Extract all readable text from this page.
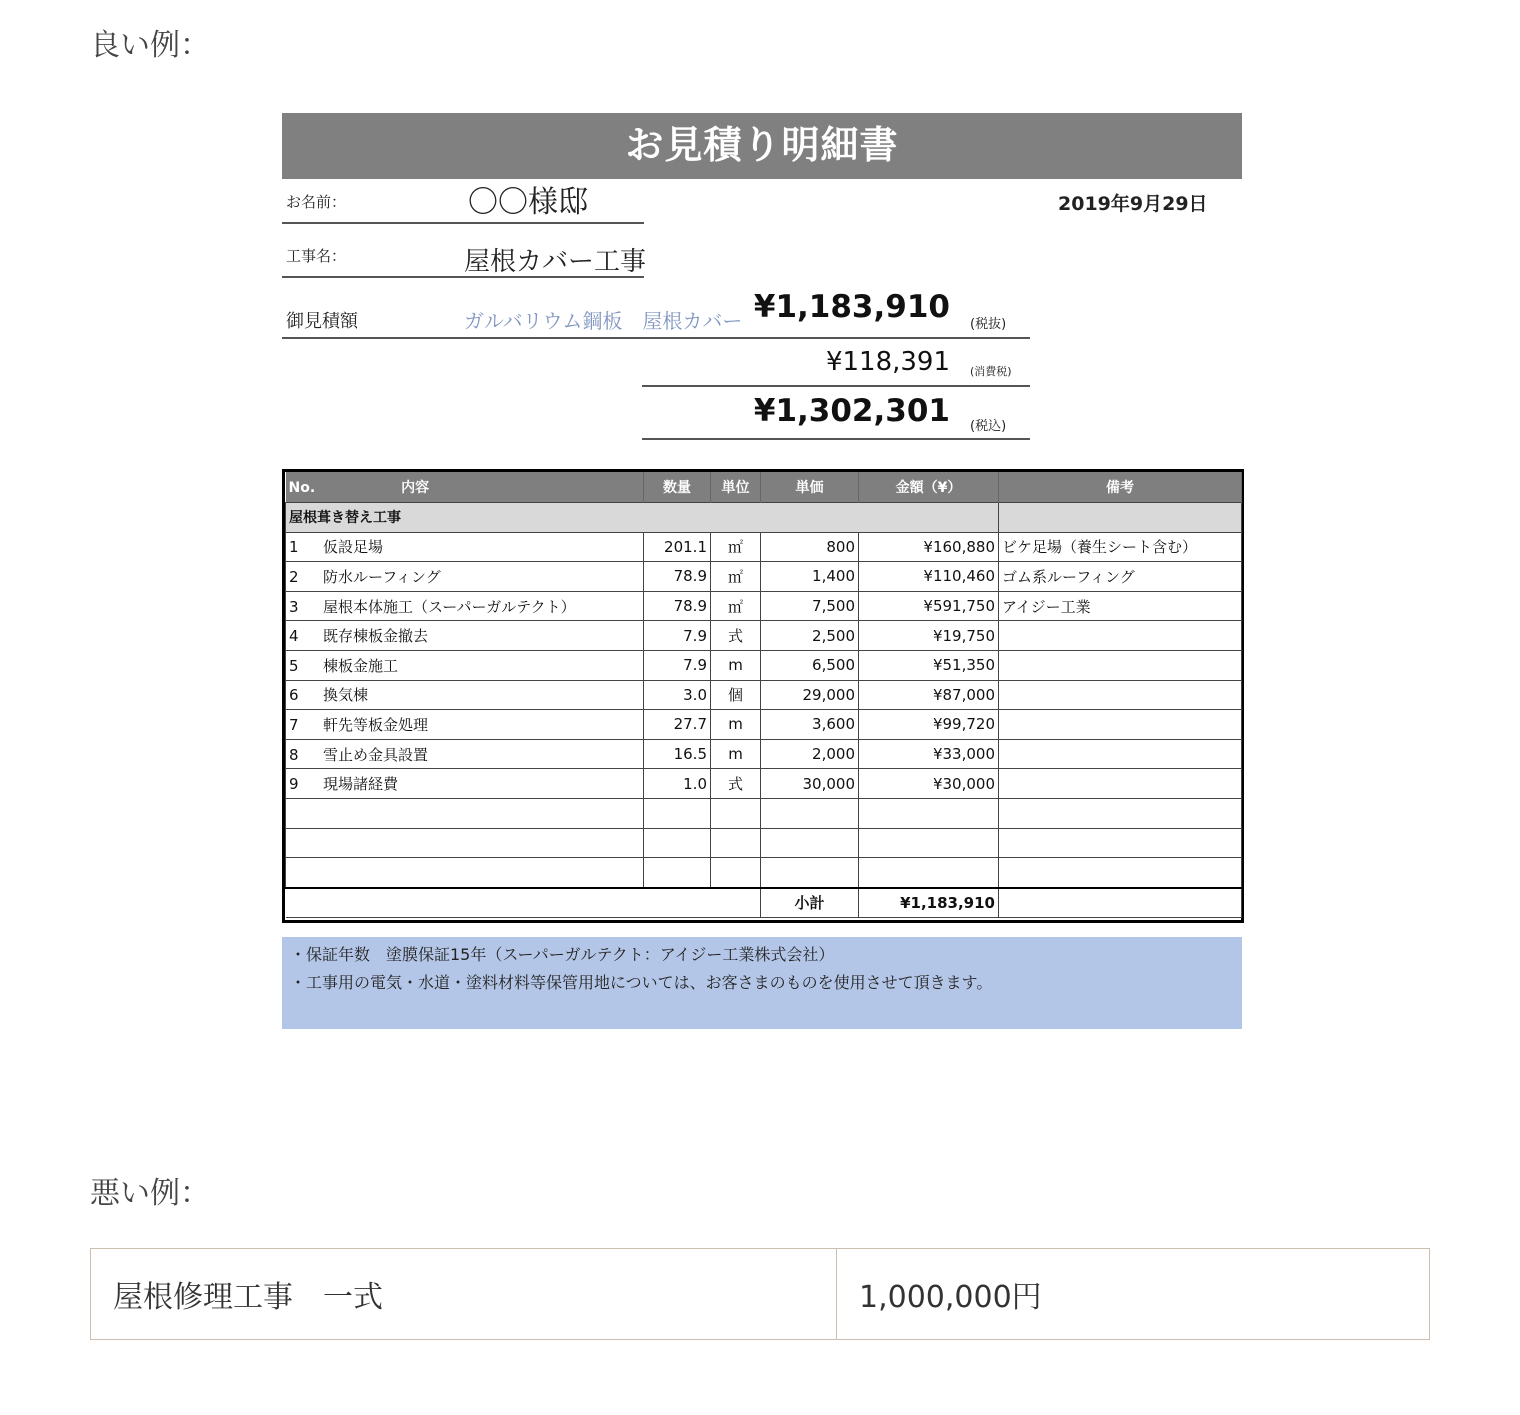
良い例：
お見積り明細書
お名前：	〇〇様邸	2019年9月29日
工事名：	屋根カバー工事
御見積額	ガルバリウム鋼板　屋根カバー ¥1,183,910 (税抜)
¥118,391 (消費税)
¥1,302,301 (税込)
No. 内容	数量	単位	単価	金額（¥）	備考
屋根葺き替え工事					
1 仮設足場	201.1	㎡	800	¥160,880	ビケ足場（養生シート含む）
2 防水ルーフィング	78.9	㎡	1,400	¥110,460	ゴム系ルーフィング
3 屋根本体施工（スーパーガルテクト）	78.9	㎡	7,500	¥591,750	アイジー工業
4 既存棟板金撤去	7.9	式	2,500	¥19,750	
5 棟板金施工	7.9	m	6,500	¥51,350	
6 換気棟	3.0	個	29,000	¥87,000	
7 軒先等板金処理	27.7	m	3,600	¥99,720	
8 雪止め金具設置	16.5	m	2,000	¥33,000	
9 現場諸経費	1.0	式	30,000	¥30,000	

			小計	¥1,183,910	
・保証年数　塗膜保証15年（スーパーガルテクト：アイジー工業株式会社）
・工事用の電気・水道・塗料材料等保管用地については、お客さまのものを使用させて頂きます。
悪い例：
屋根修理工事　一式	1,000,000円
